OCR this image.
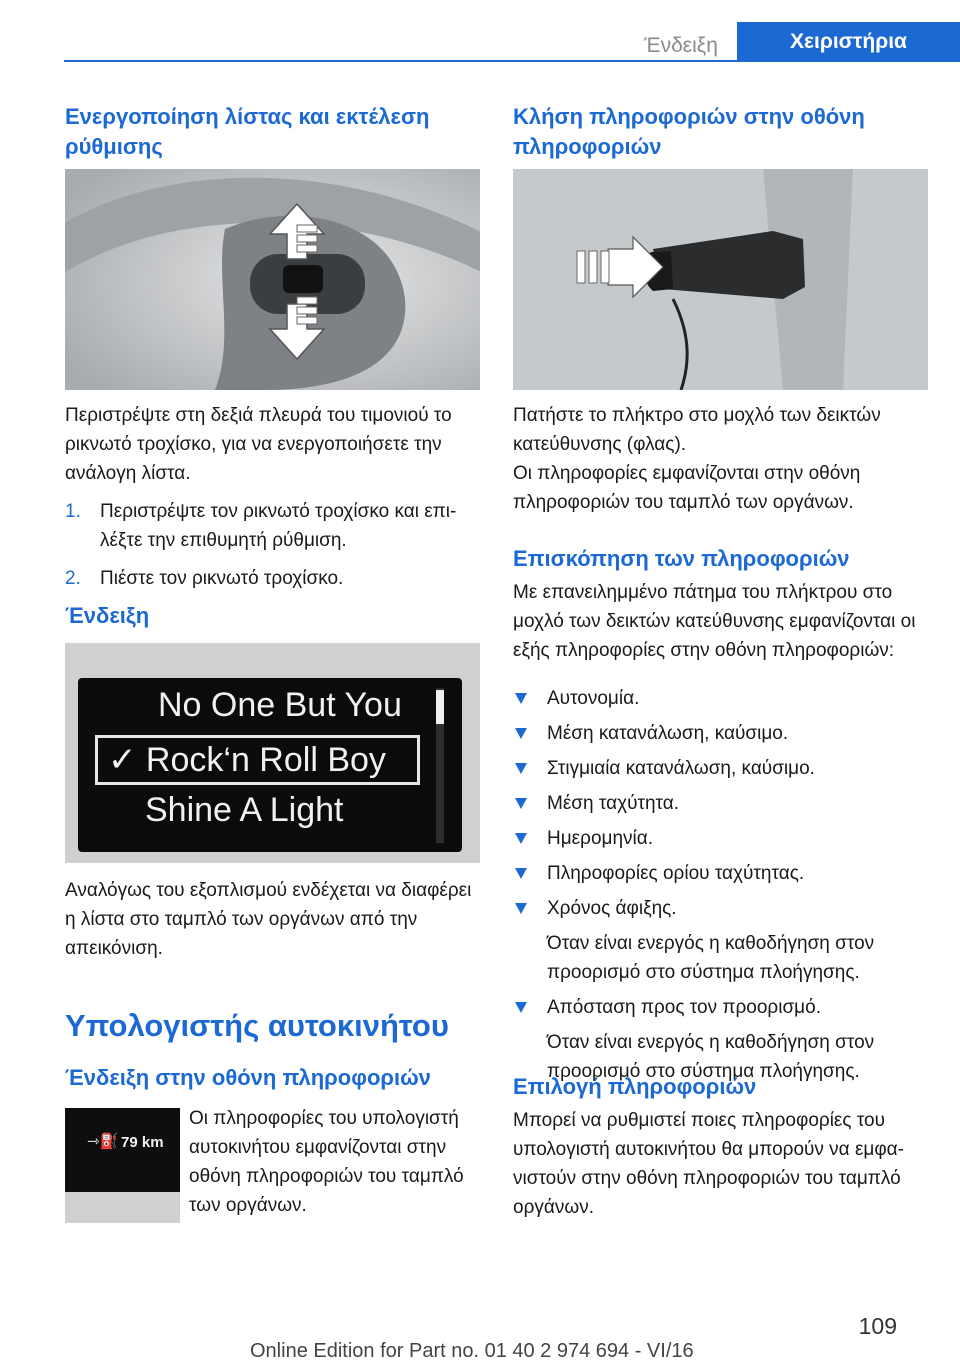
Ένδειξη	Χειριστήρια
Ενεργοποίηση λίστας και εκτέλεση ρύθμισης

Περιστρέψτε στη δεξιά πλευρά του τιμονιού το ρικνωτό τροχίσκο, για να ενεργοποιήσετε την ανάλογη λίστα.

1. Περιστρέψτε τον ρικνωτό τροχίσκο και επιλέξτε την επιθυμητή ρύθμιση.
2. Πιέστε τον ρικνωτό τροχίσκο.
Ένδειξη
No One But You
✓ Rock‘n Roll Boy
Shine A Light

Αναλόγως του εξοπλισμού ενδέχεται να διαφέρει η λίστα στο ταμπλό των οργάνων από την απεικόνιση.

Υπολογιστής αυτοκινήτου
Ένδειξη στην οθόνη πληροφοριών
⇾⛽ 79 km

Οι πληροφορίες του υπολογιστή αυτοκινήτου εμφανίζονται στην οθόνη πληροφοριών του ταμπλό των οργάνων.

Κλήση πληροφοριών στην οθόνη πληροφοριών

Πατήστε το πλήκτρο στο μοχλό των δεικτών κατεύθυνσης (φλας).

Οι πληροφορίες εμφανίζονται στην οθόνη πληροφοριών του ταμπλό των οργάνων.

Επισκόπηση των πληροφοριών

Με επανειλημμένο πάτημα του πλήκτρου στο μοχλό των δεικτών κατεύθυνσης εμφανίζονται οι εξής πληροφορίες στην οθόνη πληροφοριών:

Αυτονομία.
Μέση κατανάλωση, καύσιμο.
Στιγμιαία κατανάλωση, καύσιμο.
Μέση ταχύτητα.
Ημερομηνία.
Πληροφορίες ορίου ταχύτητας.
Χρόνος άφιξης.
Όταν είναι ενεργός η καθοδήγηση στον προορισμό στο σύστημα πλοήγησης.
Απόσταση προς τον προορισμό.
Όταν είναι ενεργός η καθοδήγηση στον προορισμό στο σύστημα πλοήγησης.
Επιλογή πληροφοριών

Μπορεί να ρυθμιστεί ποιες πληροφορίες του υπολογιστή αυτοκινήτου θα μπορούν να εμφανιστούν στην οθόνη πληροφοριών του ταμπλό οργάνων.

109
Online Edition for Part no. 01 40 2 974 694 - VI/16
